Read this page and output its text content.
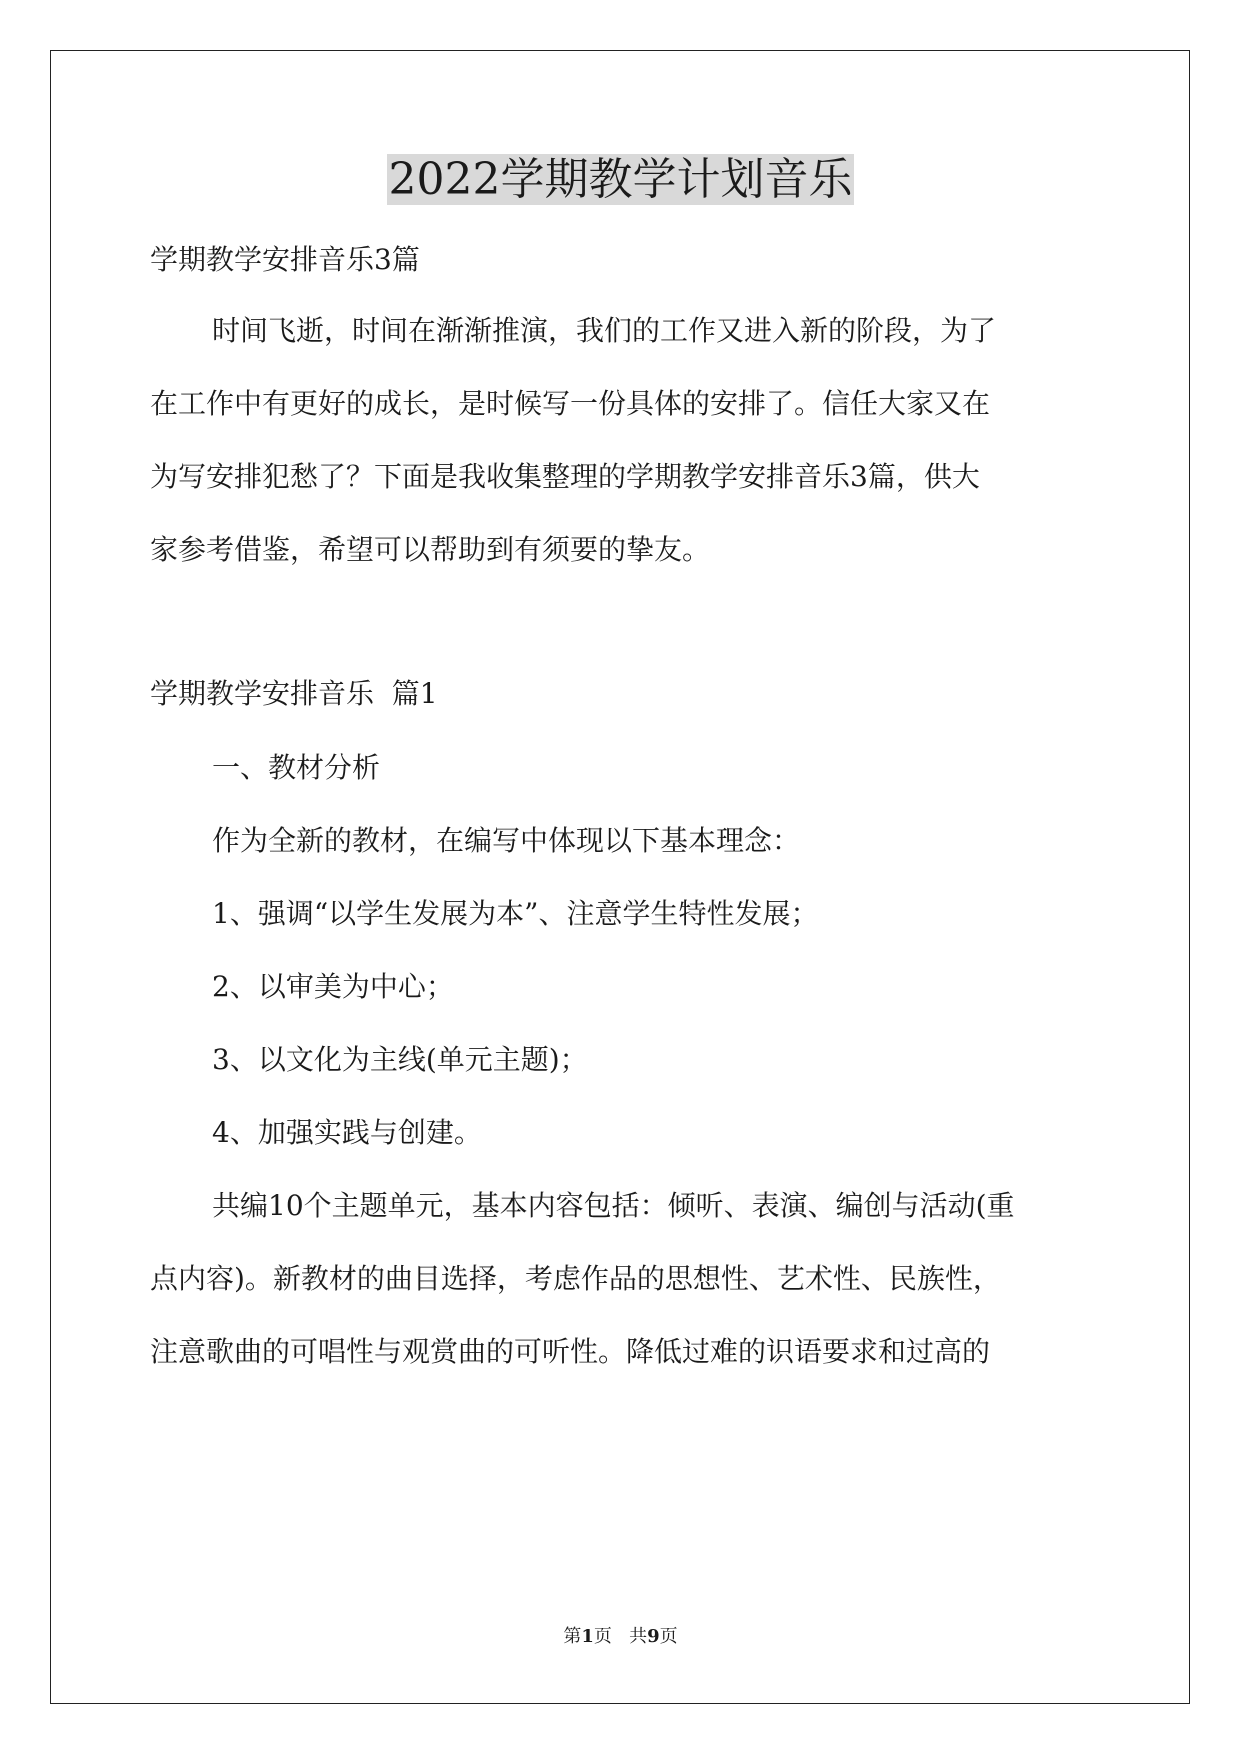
2022学期教学计划音乐

学期教学安排音乐3篇

时间飞逝，时间在渐渐推演，我们的工作又进入新的阶段，为了

在工作中有更好的成长，是时候写一份具体的安排了。信任大家又在

为写安排犯愁了？下面是我收集整理的学期教学安排音乐3篇，供大

家参考借鉴，希望可以帮助到有须要的挚友。

学期教学安排音乐  篇1

一、教材分析

作为全新的教材，在编写中体现以下基本理念：

1、强调“以学生发展为本”、注意学生特性发展；

2、以审美为中心；

3、以文化为主线(单元主题)；

4、加强实践与创建。

共编10个主题单元，基本内容包括：倾听、表演、编创与活动(重

点内容)。新教材的曲目选择，考虑作品的思想性、艺术性、民族性，

注意歌曲的可唱性与观赏曲的可听性。降低过难的识语要求和过高的

第1页   共9页
